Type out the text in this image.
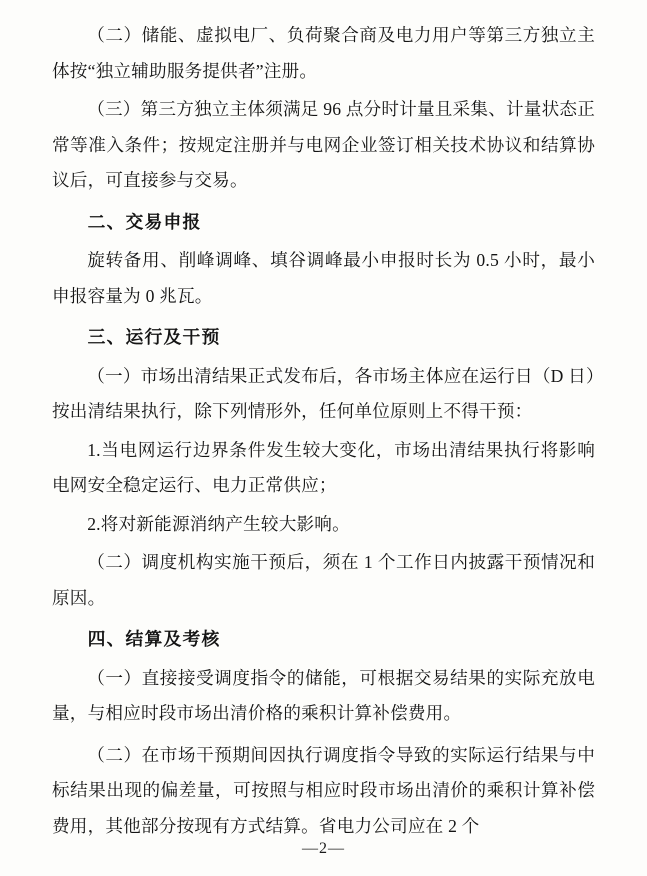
（二）储能、虚拟电厂、负荷聚合商及电力用户等第三方独立主体按“独立辅助服务提供者”注册。

（三）第三方独立主体须满足 96 点分时计量且采集、计量状态正常等准入条件；按规定注册并与电网企业签订相关技术协议和结算协议后，可直接参与交易。

二、交易申报

旋转备用、削峰调峰、填谷调峰最小申报时长为 0.5 小时，最小申报容量为 0 兆瓦。

三、运行及干预

（一）市场出清结果正式发布后，各市场主体应在运行日（D 日）按出清结果执行，除下列情形外，任何单位原则上不得干预：

1.当电网运行边界条件发生较大变化，市场出清结果执行将影响电网安全稳定运行、电力正常供应；

2.将对新能源消纳产生较大影响。

（二）调度机构实施干预后，须在 1 个工作日内披露干预情况和原因。

四、结算及考核

（一）直接接受调度指令的储能，可根据交易结果的实际充放电量，与相应时段市场出清价格的乘积计算补偿费用。

（二）在市场干预期间因执行调度指令导致的实际运行结果与中标结果出现的偏差量，可按照与相应时段市场出清价的乘积计算补偿费用，其他部分按现有方式结算。省电力公司应在 2 个

—2—
